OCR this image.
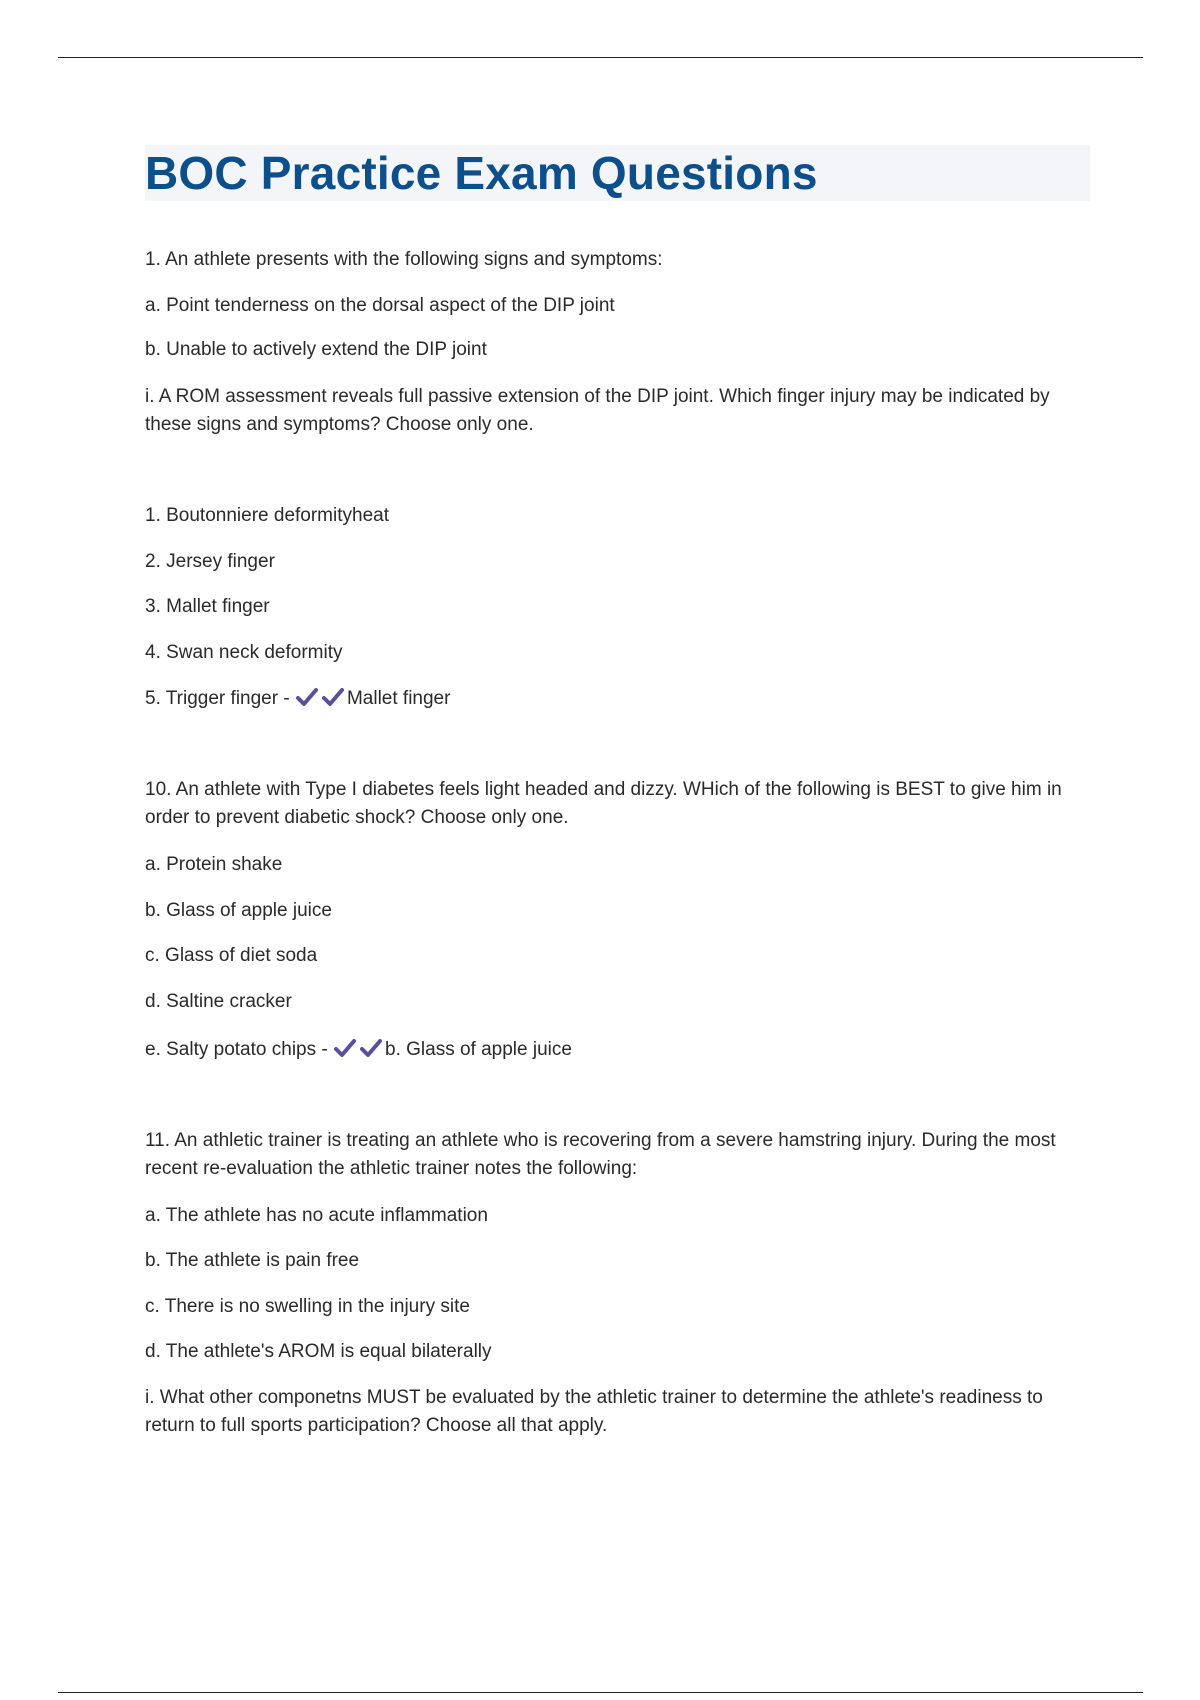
BOC Practice Exam Questions
1. An athlete presents with the following signs and symptoms:
a. Point tenderness on the dorsal aspect of the DIP joint
b. Unable to actively extend the DIP joint
i. A ROM assessment reveals full passive extension of the DIP joint. Which finger injury may be indicated by these signs and symptoms? Choose only one.
1. Boutonniere deformityheat
2. Jersey finger
3. Mallet finger
4. Swan neck deformity
5. Trigger finger -	Mallet finger
10. An athlete with Type I diabetes feels light headed and dizzy. WHich of the following is BEST to give him in order to prevent diabetic shock? Choose only one.
a. Protein shake
b. Glass of apple juice
c. Glass of diet soda
d. Saltine cracker
e. Salty potato chips -	b. Glass of apple juice
11. An athletic trainer is treating an athlete who is recovering from a severe hamstring injury. During the most recent re-evaluation the athletic trainer notes the following:
a. The athlete has no acute inflammation
b. The athlete is pain free
c. There is no swelling in the injury site
d. The athlete's AROM is equal bilaterally
i. What other componetns MUST be evaluated by the athletic trainer to determine the athlete's readiness to return to full sports participation? Choose all that apply.
